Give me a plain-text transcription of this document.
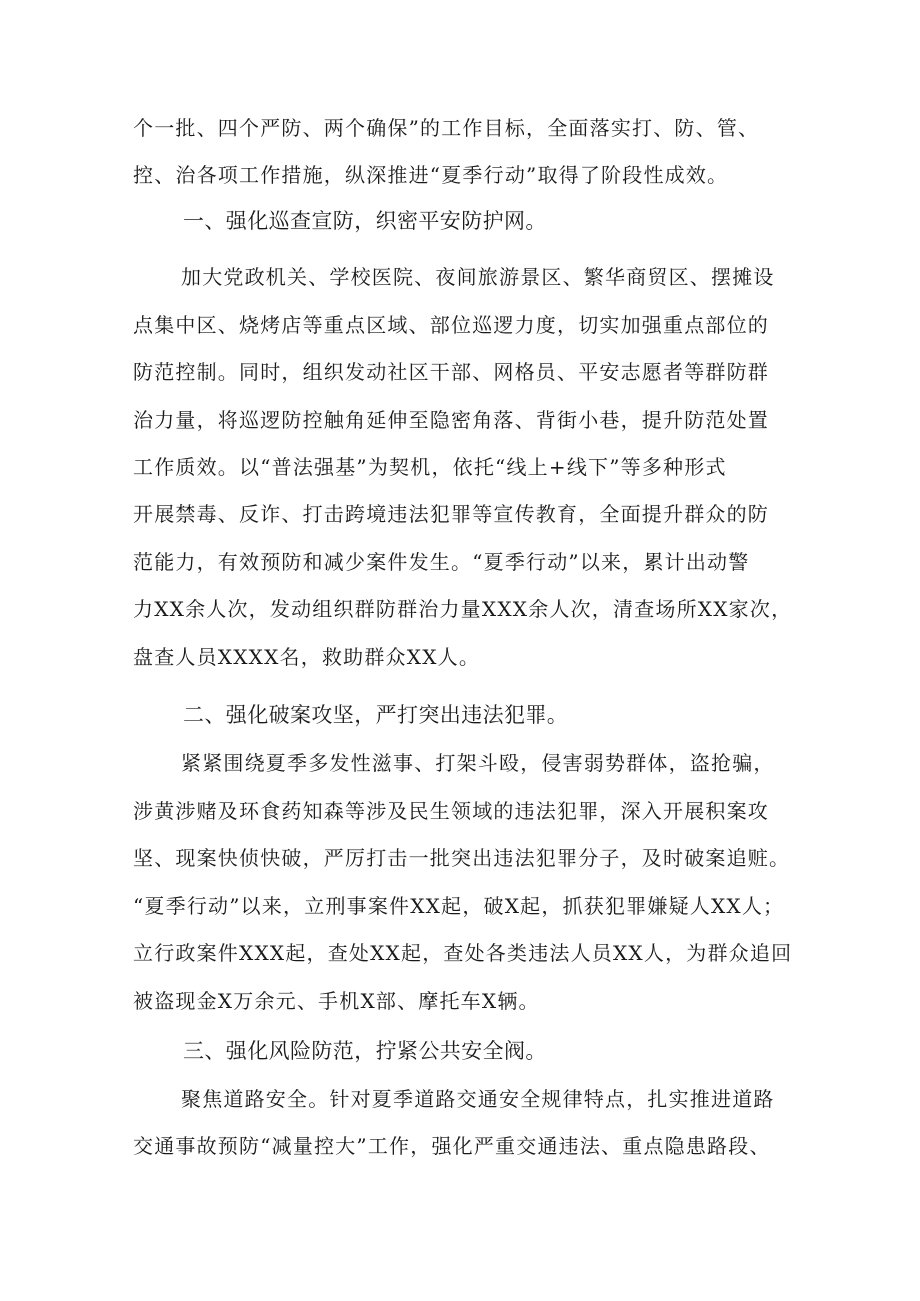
个一批、四个严防、两个确保”的工作目标，全面落实打、防、管、
控、治各项工作措施，纵深推进“夏季行动”取得了阶段性成效。
一、强化巡查宣防，织密平安防护网。
加大党政机关、学校医院、夜间旅游景区、繁华商贸区、摆摊设
点集中区、烧烤店等重点区域、部位巡逻力度，切实加强重点部位的
防范控制。同时，组织发动社区干部、网格员、平安志愿者等群防群
治力量，将巡逻防控触角延伸至隐密角落、背街小巷，提升防范处置
工作质效。以“普法强基”为契机，依托“线上+线下”等多种形式
开展禁毒、反诈、打击跨境违法犯罪等宣传教育，全面提升群众的防
范能力，有效预防和减少案件发生。“夏季行动”以来，累计出动警
力XX余人次，发动组织群防群治力量XXX余人次，清查场所XX家次，
盘查人员XXXX名，救助群众XX人。
二、强化破案攻坚，严打突出违法犯罪。
紧紧围绕夏季多发性滋事、打架斗殴，侵害弱势群体，盗抢骗，
涉黄涉赌及环食药知森等涉及民生领域的违法犯罪，深入开展积案攻
坚、现案快侦快破，严厉打击一批突出违法犯罪分子，及时破案追赃。
“夏季行动”以来，立刑事案件XX起，破X起，抓获犯罪嫌疑人XX人；
立行政案件XXX起，查处XX起，查处各类违法人员XX人，为群众追回
被盗现金X万余元、手机X部、摩托车X辆。
三、强化风险防范，拧紧公共安全阀。
聚焦道路安全。针对夏季道路交通安全规律特点，扎实推进道路
交通事故预防“减量控大”工作，强化严重交通违法、重点隐患路段、
